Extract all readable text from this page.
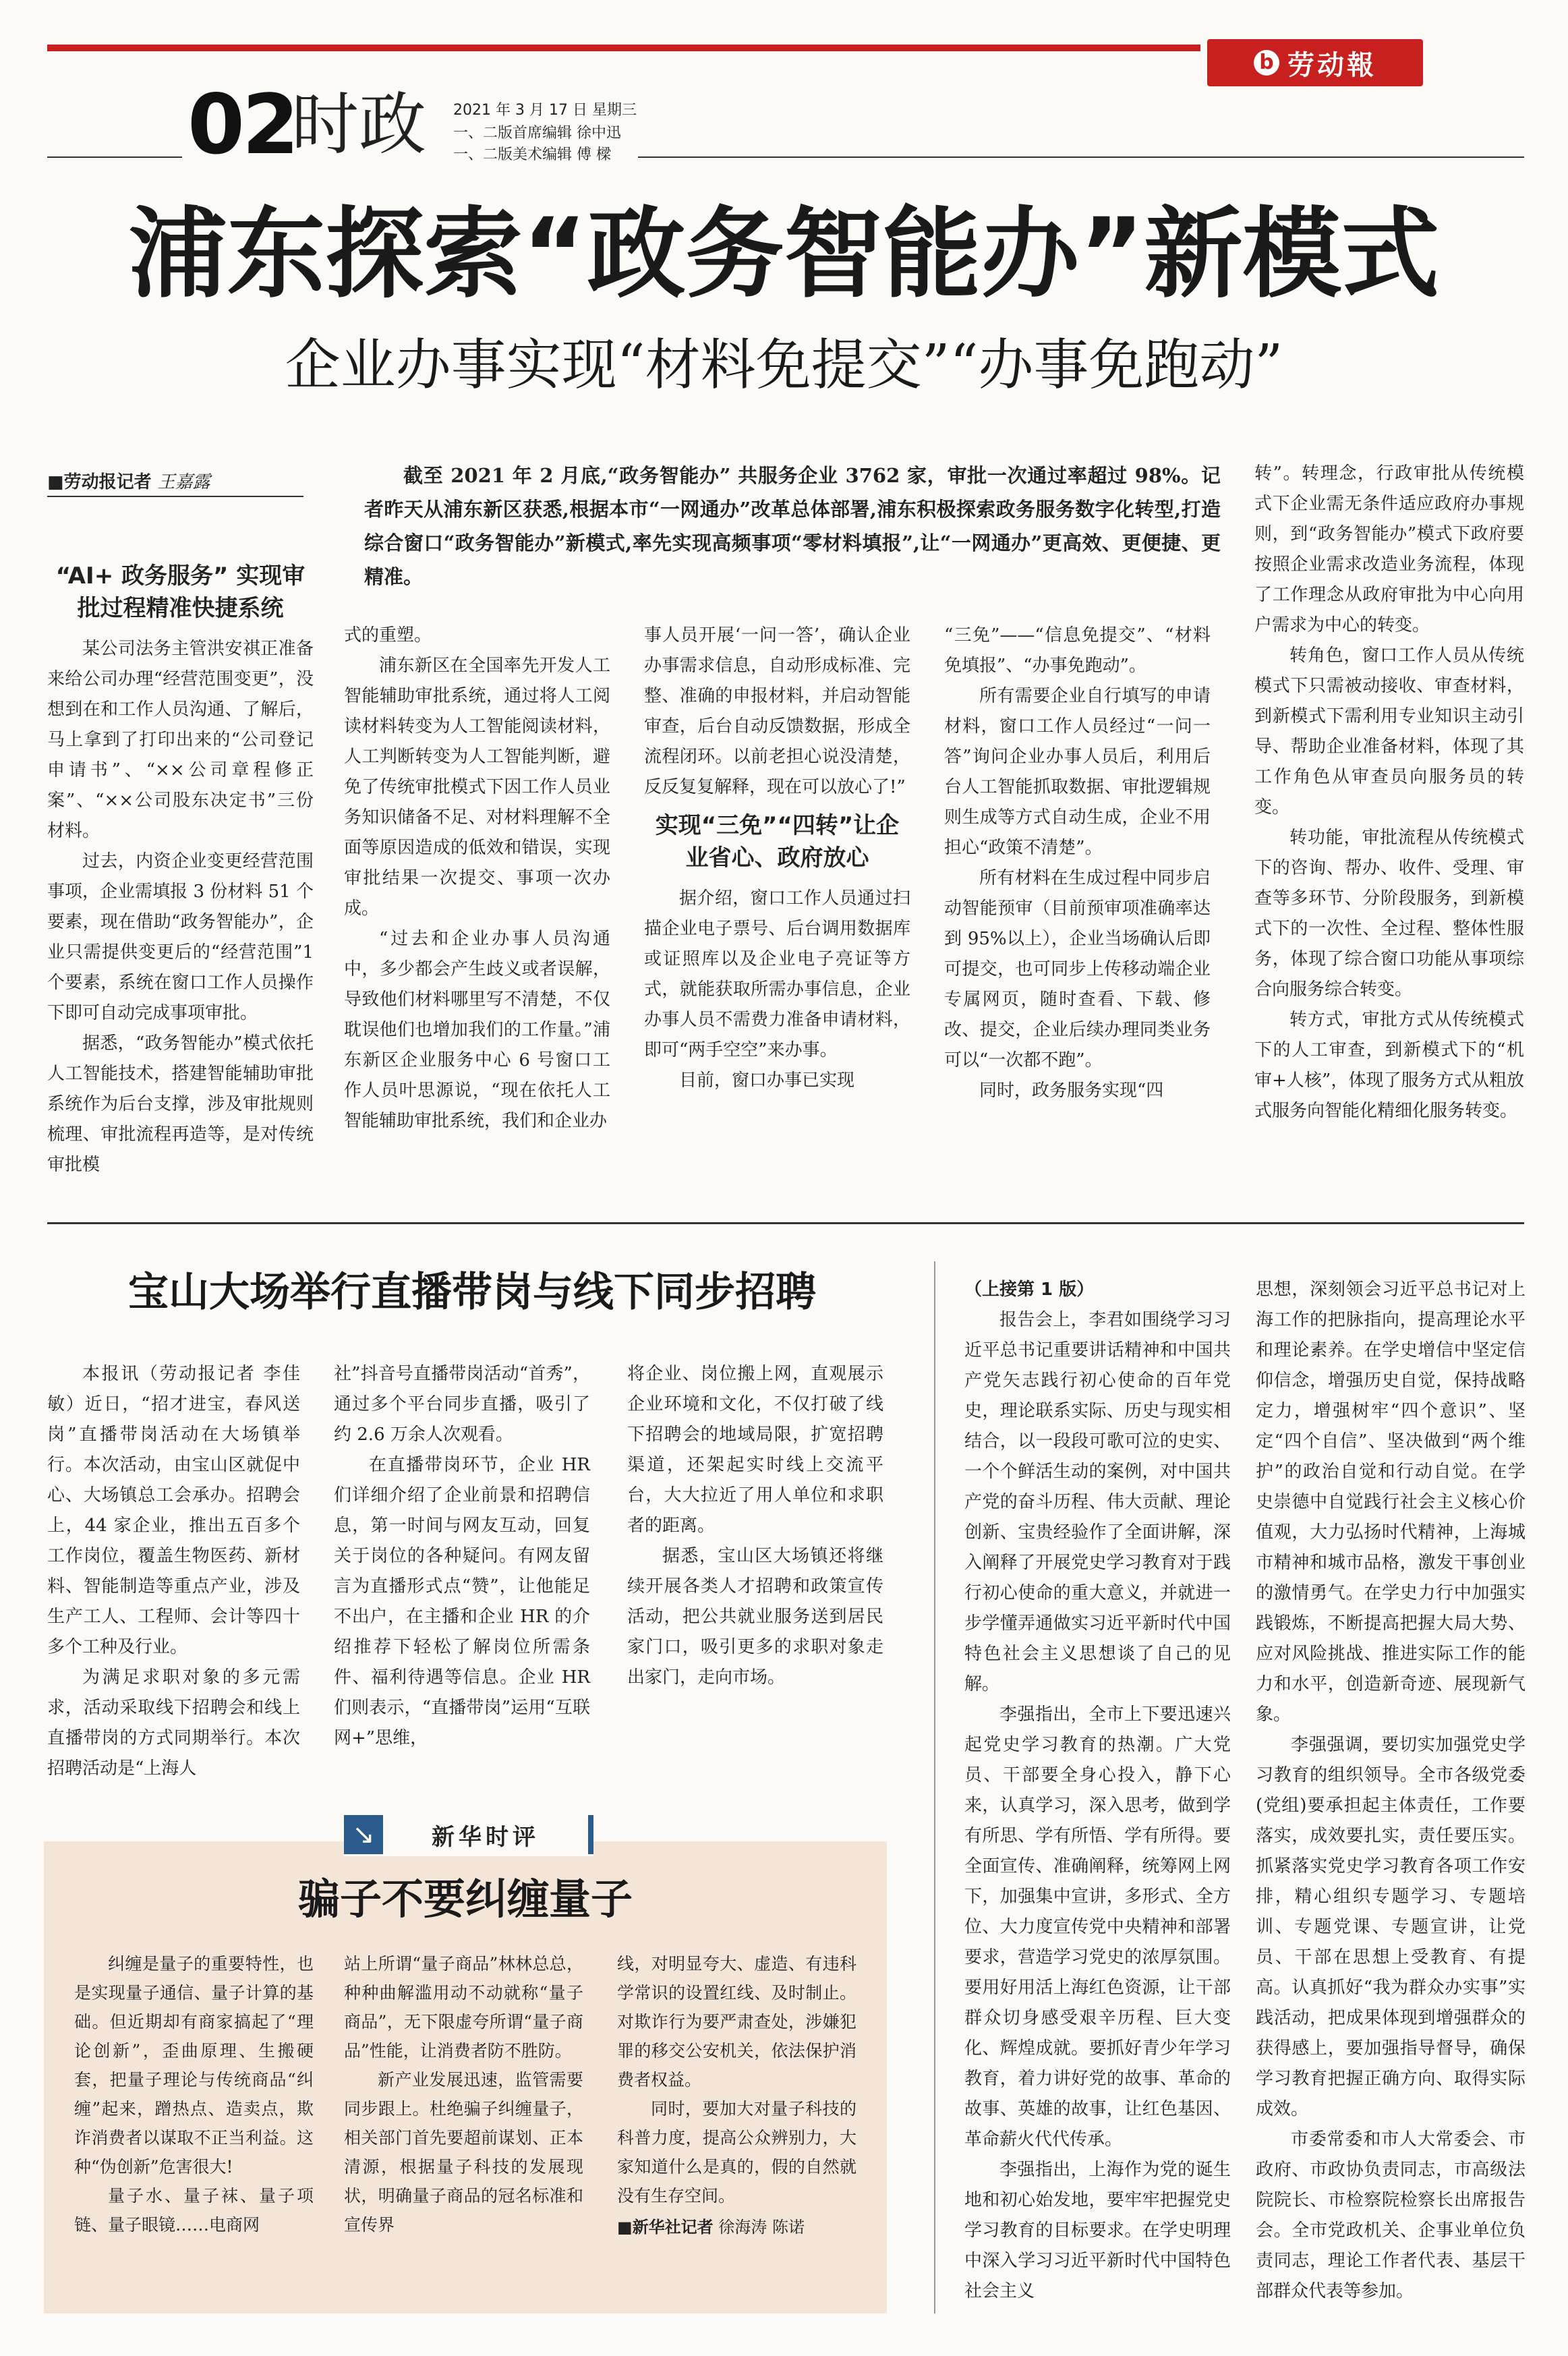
b 劳动報
02
时政 2021 年 3 月 17 日 星期三
一、二版首席编辑 徐中迅
一、二版美术编辑 傅 樑
浦东探索“政务智能办”新模式
企业办事实现“材料免提交”“办事免跑动”
■劳动报记者 王嘉露	截至 2021 年 2 月底,“政务智能办” 共服务企业 3762 家，审批一次通过率超过 98%。记者昨天从浦东新区获悉,根据本市“一网通办”改革总体部署,浦东积极探索政务服务数字化转型,打造综合窗口“政务智能办”新模式,率先实现高频事项“零材料填报”,让“一网通办”更高效、更便捷、更精准。
“AI+ 政务服务” 实现审批过程精准快捷系统

某公司法务主管洪安祺正准备来给公司办理“经营范围变更”，没想到在和工作人员沟通、了解后，马上拿到了打印出来的“公司登记申请书”、“××公司章程修正案”、“××公司股东决定书”三份材料。

过去，内资企业变更经营范围事项，企业需填报 3 份材料 51 个要素，现在借助“政务智能办”，企业只需提供变更后的“经营范围”1 个要素，系统在窗口工作人员操作下即可自动完成事项审批。

据悉，“政务智能办”模式依托人工智能技术，搭建智能辅助审批系统作为后台支撑，涉及审批规则梳理、审批流程再造等，是对传统审批模

式的重塑。

浦东新区在全国率先开发人工智能辅助审批系统，通过将人工阅读材料转变为人工智能阅读材料，人工判断转变为人工智能判断，避免了传统审批模式下因工作人员业务知识储备不足、对材料理解不全面等原因造成的低效和错误，实现审批结果一次提交、事项一次办成。

“过去和企业办事人员沟通中，多少都会产生歧义或者误解，导致他们材料哪里写不清楚，不仅耽误他们也增加我们的工作量。”浦东新区企业服务中心 6 号窗口工作人员叶思源说，“现在依托人工智能辅助审批系统，我们和企业办

事人员开展‘一问一答’，确认企业办事需求信息，自动形成标准、完整、准确的申报材料，并启动智能审查，后台自动反馈数据，形成全流程闭环。以前老担心说没清楚，反反复复解释，现在可以放心了!”

实现“三免”“四转”让企业省心、政府放心

据介绍，窗口工作人员通过扫描企业电子票号、后台调用数据库或证照库以及企业电子亮证等方式，就能获取所需办事信息，企业办事人员不需费力准备申请材料，即可“两手空空”来办事。

目前，窗口办事已实现

“三免”——“信息免提交”、“材料免填报”、“办事免跑动”。

所有需要企业自行填写的申请材料，窗口工作人员经过“一问一答”询问企业办事人员后，利用后台人工智能抓取数据、审批逻辑规则生成等方式自动生成，企业不用担心“政策不清楚”。

所有材料在生成过程中同步启动智能预审（目前预审项准确率达到 95%以上），企业当场确认后即可提交，也可同步上传移动端企业专属网页，随时查看、下载、修改、提交，企业后续办理同类业务可以“一次都不跑”。

同时，政务服务实现“四

转”。转理念，行政审批从传统模式下企业需无条件适应政府办事规则，到“政务智能办”模式下政府要按照企业需求改造业务流程，体现了工作理念从政府审批为中心向用户需求为中心的转变。

转角色，窗口工作人员从传统模式下只需被动接收、审查材料，到新模式下需利用专业知识主动引导、帮助企业准备材料，体现了其工作角色从审查员向服务员的转变。

转功能，审批流程从传统模式下的咨询、帮办、收件、受理、审查等多环节、分阶段服务，到新模式下的一次性、全过程、整体性服务，体现了综合窗口功能从事项综合向服务综合转变。

转方式，审批方式从传统模式下的人工审查，到新模式下的“机审+人核”，体现了服务方式从粗放式服务向智能化精细化服务转变。

宝山大场举行直播带岗与线下同步招聘

本报讯（劳动报记者 李佳敏）近日，“招才进宝，春风送岗”直播带岗活动在大场镇举行。本次活动，由宝山区就促中心、大场镇总工会承办。招聘会上，44 家企业，推出五百多个工作岗位，覆盖生物医药、新材料、智能制造等重点产业，涉及生产工人、工程师、会计等四十多个工种及行业。

为满足求职对象的多元需求，活动采取线下招聘会和线上直播带岗的方式同期举行。本次招聘活动是“上海人

社”抖音号直播带岗活动“首秀”，通过多个平台同步直播，吸引了约 2.6 万余人次观看。

在直播带岗环节，企业 HR 们详细介绍了企业前景和招聘信息，第一时间与网友互动，回复关于岗位的各种疑问。有网友留言为直播形式点“赞”，让他能足不出户，在主播和企业 HR 的介绍推荐下轻松了解岗位所需条件、福利待遇等信息。企业 HR 们则表示，“直播带岗”运用“互联网+”思维，

将企业、岗位搬上网，直观展示企业环境和文化，不仅打破了线下招聘会的地域局限，扩宽招聘渠道，还架起实时线上交流平台，大大拉近了用人单位和求职者的距离。

据悉，宝山区大场镇还将继续开展各类人才招聘和政策宣传活动，把公共就业服务送到居民家门口，吸引更多的求职对象走出家门，走向市场。

↘	新华时评
骗子不要纠缠量子

纠缠是量子的重要特性，也是实现量子通信、量子计算的基础。但近期却有商家搞起了“理论创新”，歪曲原理、生搬硬套，把量子理论与传统商品“纠缠”起来，蹭热点、造卖点，欺诈消费者以谋取不正当利益。这种“伪创新”危害很大!

量子水、量子袜、量子项链、量子眼镜……电商网

站上所谓“量子商品”林林总总，种种曲解滥用动不动就称“量子商品”，无下限虚夸所谓“量子商品”性能，让消费者防不胜防。

新产业发展迅速，监管需要同步跟上。杜绝骗子纠缠量子，相关部门首先要超前谋划、正本清源，根据量子科技的发展现状，明确量子商品的冠名标准和宣传界

线，对明显夸大、虚造、有违科学常识的设置红线、及时制止。对欺诈行为要严肃查处，涉嫌犯罪的移交公安机关，依法保护消费者权益。

同时，要加大对量子科技的科普力度，提高公众辨别力，大家知道什么是真的，假的自然就没有生存空间。

■新华社记者 徐海涛 陈诺

（上接第 1 版）

报告会上，李君如围绕学习习近平总书记重要讲话精神和中国共产党矢志践行初心使命的百年党史，理论联系实际、历史与现实相结合，以一段段可歌可泣的史实、一个个鲜活生动的案例，对中国共产党的奋斗历程、伟大贡献、理论创新、宝贵经验作了全面讲解，深入阐释了开展党史学习教育对于践行初心使命的重大意义，并就进一步学懂弄通做实习近平新时代中国特色社会主义思想谈了自己的见解。

李强指出，全市上下要迅速兴起党史学习教育的热潮。广大党员、干部要全身心投入，静下心来，认真学习，深入思考，做到学有所思、学有所悟、学有所得。要全面宣传、准确阐释，统筹网上网下，加强集中宣讲，多形式、全方位、大力度宣传党中央精神和部署要求，营造学习党史的浓厚氛围。要用好用活上海红色资源，让干部群众切身感受艰辛历程、巨大变化、辉煌成就。要抓好青少年学习教育，着力讲好党的故事、革命的故事、英雄的故事，让红色基因、革命薪火代代传承。

李强指出，上海作为党的诞生地和初心始发地，要牢牢把握党史学习教育的目标要求。在学史明理中深入学习习近平新时代中国特色社会主义

思想，深刻领会习近平总书记对上海工作的把脉指向，提高理论水平和理论素养。在学史增信中坚定信仰信念，增强历史自觉，保持战略定力，增强树牢“四个意识”、坚定“四个自信”、坚决做到“两个维护”的政治自觉和行动自觉。在学史崇德中自觉践行社会主义核心价值观，大力弘扬时代精神，上海城市精神和城市品格，激发干事创业的激情勇气。在学史力行中加强实践锻炼，不断提高把握大局大势、应对风险挑战、推进实际工作的能力和水平，创造新奇迹、展现新气象。

李强强调，要切实加强党史学习教育的组织领导。全市各级党委(党组)要承担起主体责任，工作要落实，成效要扎实，责任要压实。抓紧落实党史学习教育各项工作安排，精心组织专题学习、专题培训、专题党课、专题宣讲，让党员、干部在思想上受教育、有提高。认真抓好“我为群众办实事”实践活动，把成果体现到增强群众的获得感上，要加强指导督导，确保学习教育把握正确方向、取得实际成效。

市委常委和市人大常委会、市政府、市政协负责同志，市高级法院院长、市检察院检察长出席报告会。全市党政机关、企事业单位负责同志，理论工作者代表、基层干部群众代表等参加。
